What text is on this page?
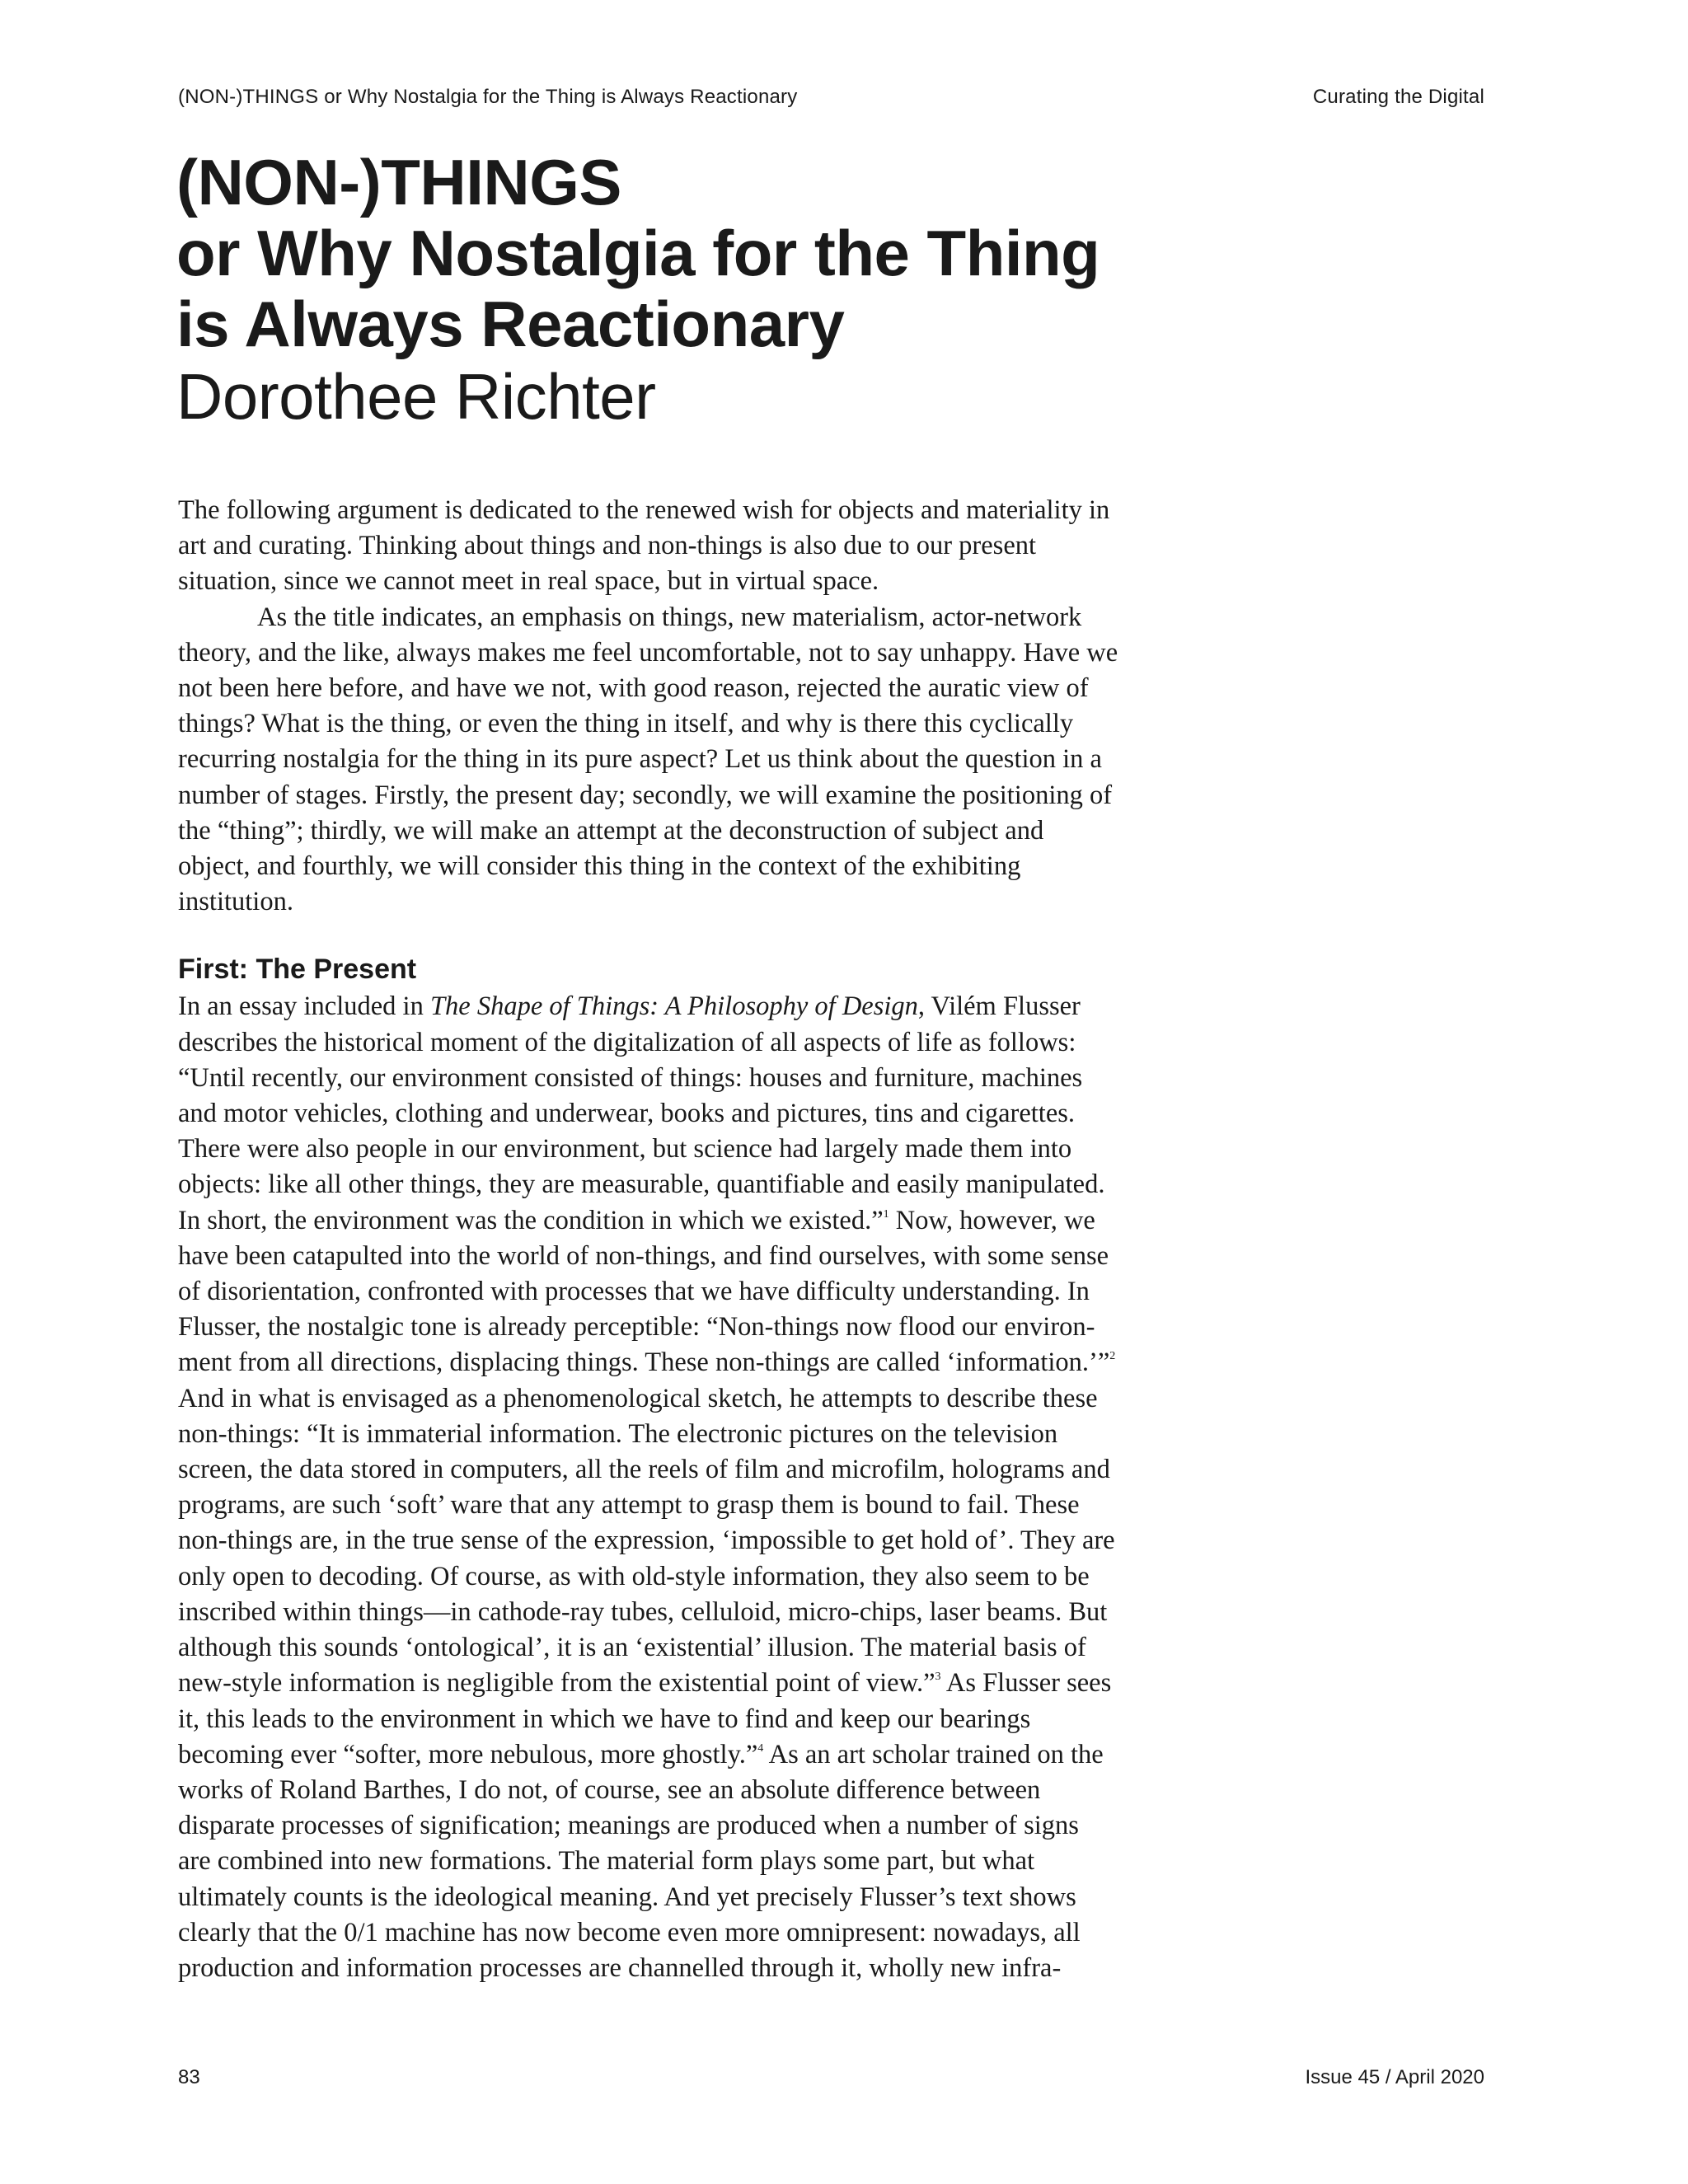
(NON-)THINGS or Why Nostalgia for the Thing is Always Reactionary	Curating the Digital
(NON-)THINGS
or Why Nostalgia for the Thing
is Always Reactionary
Dorothee Richter

The following argument is dedicated to the renewed wish for objects and materiality in
art and curating. Thinking about things and non-things is also due to our present
situation, since we cannot meet in real space, but in virtual space.

As the title indicates, an emphasis on things, new materialism, actor-network
theory, and the like, always makes me feel uncomfortable, not to say unhappy. Have we
not been here before, and have we not, with good reason, rejected the auratic view of
things? What is the thing, or even the thing in itself, and why is there this cyclically
recurring nostalgia for the thing in its pure aspect? Let us think about the question in a
number of stages. Firstly, the present day; secondly, we will examine the positioning of
the “thing”; thirdly, we will make an attempt at the deconstruction of subject and
object, and fourthly, we will consider this thing in the context of the exhibiting
institution.

First: The Present

In an essay included in The Shape of Things: A Philosophy of Design, Vilém Flusser
describes the historical moment of the digitalization of all aspects of life as follows:
“Until recently, our environment consisted of things: houses and furniture, machines
and motor vehicles, clothing and underwear, books and pictures, tins and cigarettes.
There were also people in our environment, but science had largely made them into
objects: like all other things, they are measurable, quantifiable and easily manipulated.
In short, the environment was the condition in which we existed.”$^1$ Now, however, we
have been catapulted into the world of non-things, and find ourselves, with some sense
of disorientation, confronted with processes that we have difficulty understanding. In
Flusser, the nostalgic tone is already perceptible: “Non-things now flood our environ-
ment from all directions, displacing things. These non-things are called ‘information.’”$^2$
And in what is envisaged as a phenomenological sketch, he attempts to describe these
non-things: “It is immaterial information. The electronic pictures on the television
screen, the data stored in computers, all the reels of film and microfilm, holograms and
programs, are such ‘soft’ ware that any attempt to grasp them is bound to fail. These
non-things are, in the true sense of the expression, ‘impossible to get hold of’. They are
only open to decoding. Of course, as with old-style information, they also seem to be
inscribed within things—in cathode-ray tubes, celluloid, micro-chips, laser beams. But
although this sounds ‘ontological’, it is an ‘existential’ illusion. The material basis of
new-style information is negligible from the existential point of view.”$^3$ As Flusser sees
it, this leads to the environment in which we have to find and keep our bearings
becoming ever “softer, more nebulous, more ghostly.”$^4$ As an art scholar trained on the
works of Roland Barthes, I do not, of course, see an absolute difference between
disparate processes of signification; meanings are produced when a number of signs
are combined into new formations. The material form plays some part, but what
ultimately counts is the ideological meaning. And yet precisely Flusser’s text shows
clearly that the 0/1 machine has now become even more omnipresent: nowadays, all
production and information processes are channelled through it, wholly new infra-

83	Issue 45 / April 2020
